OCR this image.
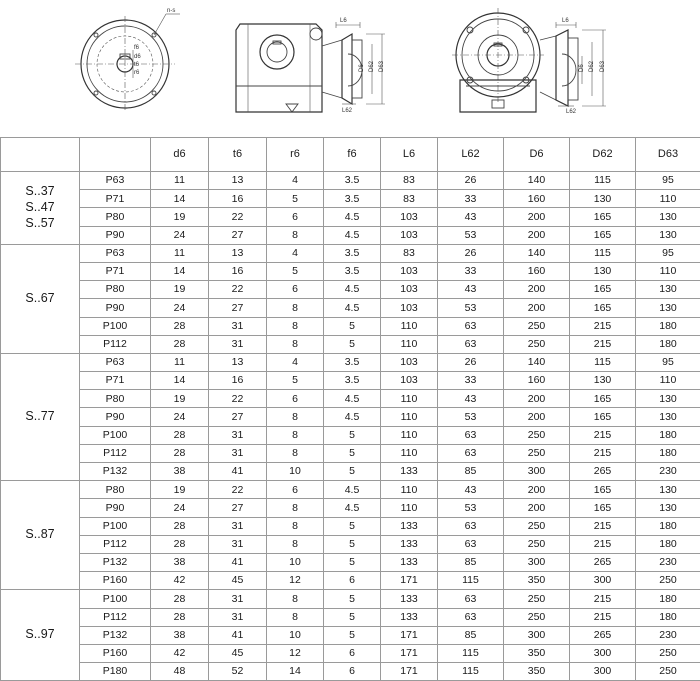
n-s
f6
d6
t6
r6
L6
L62
D63
D62
D6
L6
L62
D63
D62
D6
		d6	t6	r6	f6	L6	L62	D6	D62	D63
S..37
S..47
S..57	P63	11	13	4	3.5	83	26	140	115	95
	P71	14	16	5	3.5	83	33	160	130	110
	P80	19	22	6	4.5	103	43	200	165	130
	P90	24	27	8	4.5	103	53	200	165	130
S..67	P63	11	13	4	3.5	83	26	140	115	95
	P71	14	16	5	3.5	103	33	160	130	110
	P80	19	22	6	4.5	103	43	200	165	130
	P90	24	27	8	4.5	103	53	200	165	130
	P100	28	31	8	5	110	63	250	215	180
	P112	28	31	8	5	110	63	250	215	180
S..77	P63	11	13	4	3.5	103	26	140	115	95
	P71	14	16	5	3.5	103	33	160	130	110
	P80	19	22	6	4.5	110	43	200	165	130
	P90	24	27	8	4.5	110	53	200	165	130
	P100	28	31	8	5	110	63	250	215	180
	P112	28	31	8	5	110	63	250	215	180
	P132	38	41	10	5	133	85	300	265	230
S..87	P80	19	22	6	4.5	110	43	200	165	130
	P90	24	27	8	4.5	110	53	200	165	130
	P100	28	31	8	5	133	63	250	215	180
	P112	28	31	8	5	133	63	250	215	180
	P132	38	41	10	5	133	85	300	265	230
	P160	42	45	12	6	171	115	350	300	250
S..97	P100	28	31	8	5	133	63	250	215	180
	P112	28	31	8	5	133	63	250	215	180
	P132	38	41	10	5	171	85	300	265	230
	P160	42	45	12	6	171	115	350	300	250
	P180	48	52	14	6	171	115	350	300	250
